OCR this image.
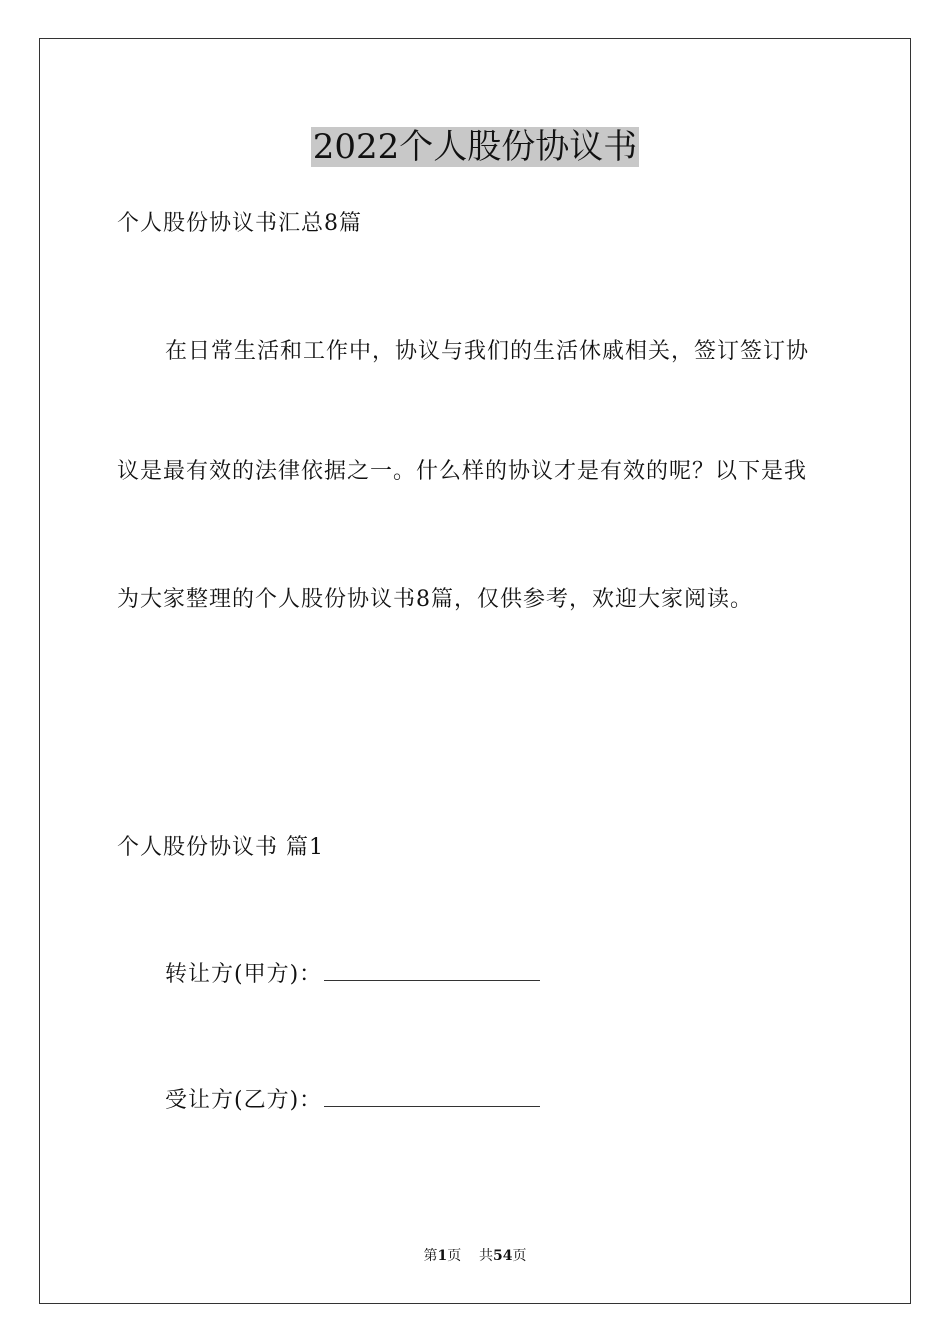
2022个人股份协议书
个人股份协议书汇总8篇
在日常生活和工作中，协议与我们的生活休戚相关，签订签订协
议是最有效的法律依据之一。什么样的协议才是有效的呢？以下是我
为大家整理的个人股份协议书8篇，仅供参考，欢迎大家阅读。
个人股份协议书 篇1
转让方(甲方)：
受让方(乙方)：
第1页 共54页
